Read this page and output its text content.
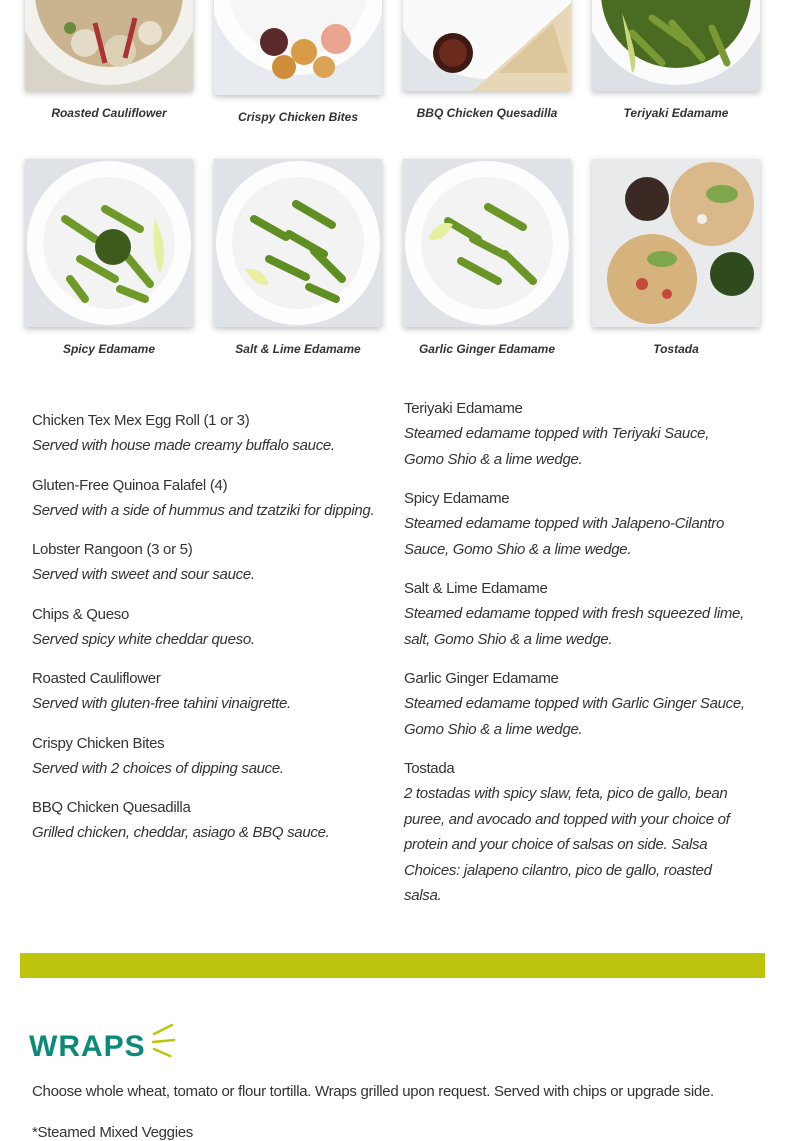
Roasted Cauliflower	Crispy Chicken Bites	BBQ Chicken Quesadilla	Teriyaki Edamame
Spicy Edamame	Salt & Lime Edamame	Garlic Ginger Edamame	Tostada
Chicken Tex Mex Egg Roll (1 or 3)
Served with house made creamy buffalo sauce.
Gluten-Free Quinoa Falafel (4)
Served with a side of hummus and tzatziki for dipping.
Lobster Rangoon (3 or 5)
Served with sweet and sour sauce.
Chips & Queso
Served spicy white cheddar queso.
Roasted Cauliflower
Served with gluten-free tahini vinaigrette.
Crispy Chicken Bites
Served with 2 choices of dipping sauce.
BBQ Chicken Quesadilla
Grilled chicken, cheddar, asiago & BBQ sauce.
Teriyaki Edamame
Steamed edamame topped with Teriyaki Sauce, Gomo Shio & a lime wedge.
Spicy Edamame
Steamed edamame topped with Jalapeno-Cilantro Sauce, Gomo Shio & a lime wedge.
Salt & Lime Edamame
Steamed edamame topped with fresh squeezed lime, salt, Gomo Shio & a lime wedge.
Garlic Ginger Edamame
Steamed edamame topped with Garlic Ginger Sauce, Gomo Shio & a lime wedge.
Tostada
2 tostadas with spicy slaw, feta, pico de gallo, bean puree, and avocado and topped with your choice of protein and your choice of salsas on side. Salsa Choices: jalapeno cilantro, pico de gallo, roasted salsa.
WRAPS
Choose whole wheat, tomato or flour tortilla. Wraps grilled upon request. Served with chips or upgrade side.
*Steamed Mixed Veggies
